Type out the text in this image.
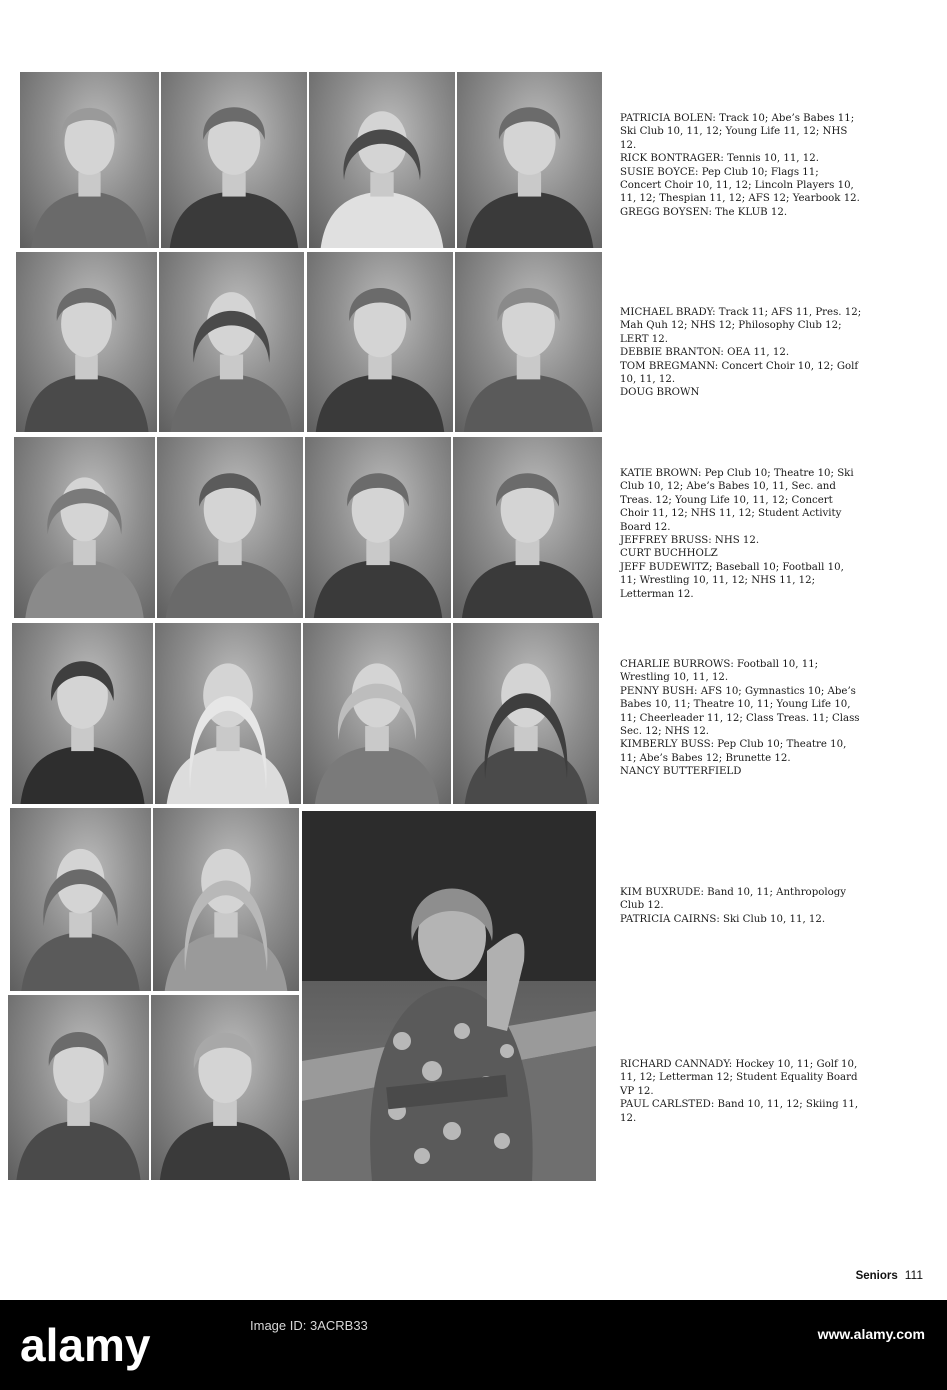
PATRICIA BOLEN: Track 10; Abe’s Babes 11; Ski Club 10, 11, 12; Young Life 11, 12; NHS 12.

RICK BONTRAGER: Tennis 10, 11, 12.

SUSIE BOYCE: Pep Club 10; Flags 11; Concert Choir 10, 11, 12; Lincoln Players 10, 11, 12; Thespian 11, 12; AFS 12; Yearbook 12.

GREGG BOYSEN: The KLUB 12.

MICHAEL BRADY: Track 11; AFS 11, Pres. 12; Mah Quh 12; NHS 12; Philosophy Club 12; LERT 12.

DEBBIE BRANTON: OEA 11, 12.

TOM BREGMANN: Concert Choir 10, 12; Golf 10, 11, 12.

DOUG BROWN

KATIE BROWN: Pep Club 10; Theatre 10; Ski Club 10, 12; Abe’s Babes 10, 11, Sec. and Treas. 12; Young Life 10, 11, 12; Concert Choir 11, 12; NHS 11, 12; Student Activity Board 12.

JEFFREY BRUSS: NHS 12.

CURT BUCHHOLZ

JEFF BUDEWITZ; Baseball 10; Football 10, 11; Wrestling 10, 11, 12; NHS 11, 12; Letterman 12.

CHARLIE BURROWS: Football 10, 11; Wrestling 10, 11, 12.

PENNY BUSH: AFS 10; Gymnastics 10; Abe’s Babes 10, 11; Theatre 10, 11; Young Life 10, 11; Cheerleader 11, 12; Class Treas. 11; Class Sec. 12; NHS 12.

KIMBERLY BUSS: Pep Club 10; Theatre 10, 11; Abe’s Babes 12; Brunette 12.

NANCY BUTTERFIELD

KIM BUXRUDE: Band 10, 11; Anthropology Club 12.

PATRICIA CAIRNS: Ski Club 10, 11, 12.

RICHARD CANNADY: Hockey 10, 11; Golf 10, 11, 12; Letterman 12; Student Equality Board VP 12.

PAUL CARLSTED: Band 10, 11, 12; Skiing 11, 12.

Seniors 111
alamy	Image ID: 3ACRB33
www.alamy.com
